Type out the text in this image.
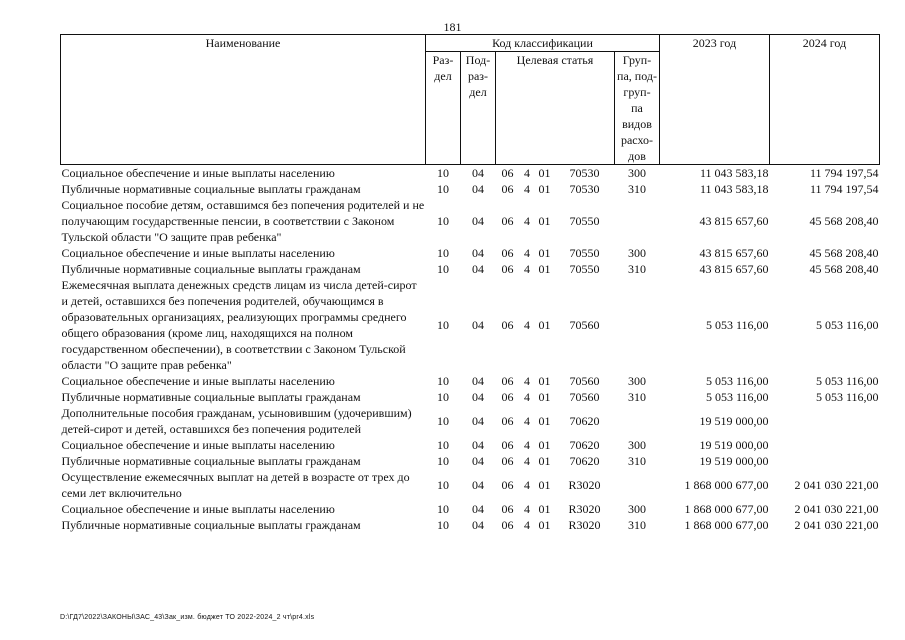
181
Наименование	Код классификации							2023 год	2024 год

	Раз- дел	Под- раз- дел	Целевая статья				Груп- па, под- груп- па видов расхо- дов		

Социальное обеспечение и иные выплаты населению	10	04	06	4	01	70530	300	11 043 583,18	11 794 197,54
Публичные нормативные социальные выплаты гражданам	10	04	06	4	01	70530	310	11 043 583,18	11 794 197,54
Социальное пособие детям, оставшимся без попечения родителей и не получающим государственные пенсии, в соответствии с Законом Тульской области "О защите прав ребенка"	10	04	06	4	01	70550		43 815 657,60	45 568 208,40
Социальное обеспечение и иные выплаты населению	10	04	06	4	01	70550	300	43 815 657,60	45 568 208,40
Публичные нормативные социальные выплаты гражданам	10	04	06	4	01	70550	310	43 815 657,60	45 568 208,40
Ежемесячная выплата денежных средств лицам из числа детей-сирот и детей, оставшихся без попечения родителей, обучающимся в образовательных организациях, реализующих программы среднего общего образования (кроме лиц, находящихся на полном государственном обеспечении), в соответствии с Законом Тульской области "О защите прав ребенка"	10	04	06	4	01	70560		5 053 116,00	5 053 116,00
Социальное обеспечение и иные выплаты населению	10	04	06	4	01	70560	300	5 053 116,00	5 053 116,00
Публичные нормативные социальные выплаты гражданам	10	04	06	4	01	70560	310	5 053 116,00	5 053 116,00
Дополнительные пособия гражданам, усыновившим (удочерившим) детей-сирот и детей, оставшихся без попечения родителей	10	04	06	4	01	70620		19 519 000,00	
Социальное обеспечение и иные выплаты населению	10	04	06	4	01	70620	300	19 519 000,00	
Публичные нормативные социальные выплаты гражданам	10	04	06	4	01	70620	310	19 519 000,00	
Осуществление ежемесячных выплат на детей в возрасте от трех до семи лет включительно	10	04	06	4	01	R3020		1 868 000 677,00	2 041 030 221,00
Социальное обеспечение и иные выплаты населению	10	04	06	4	01	R3020	300	1 868 000 677,00	2 041 030 221,00
Публичные нормативные социальные выплаты гражданам	10	04	06	4	01	R3020	310	1 868 000 677,00	2 041 030 221,00
D:\ГД7\2022\ЗАКОНЫ\ЗАС_43\Зак_изм. бюджет ТО 2022-2024_2 чт\pr4.xls
